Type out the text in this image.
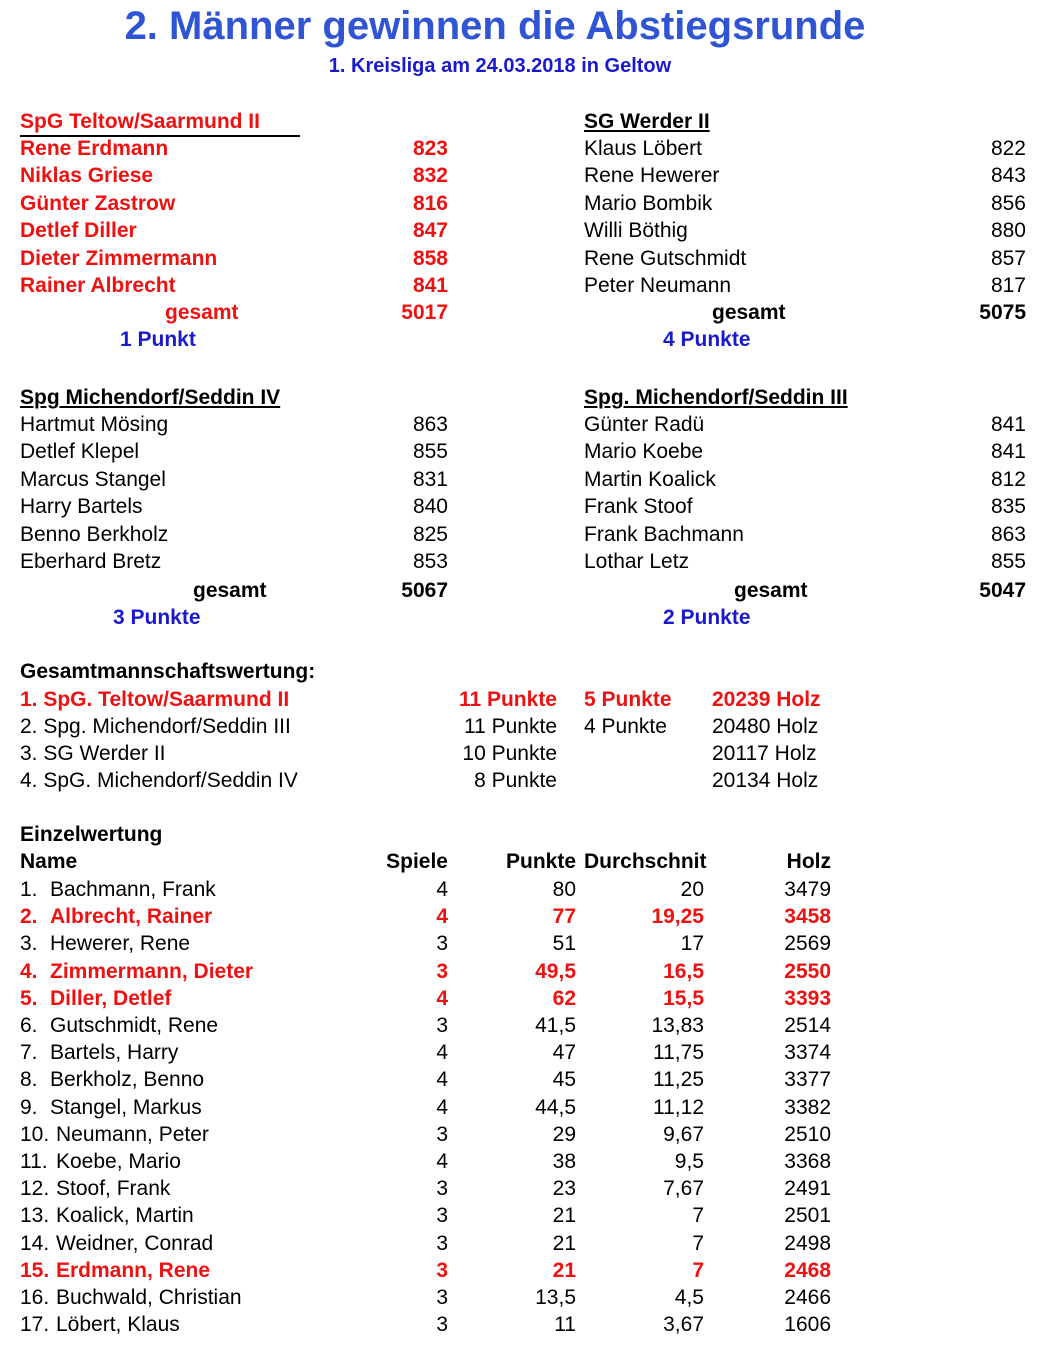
2. Männer gewinnen die Abstiegsrunde
1. Kreisliga am 24.03.2018 in Geltow
SpG Teltow/Saarmund II
Rene Erdmann	823
Niklas Griese	832
Günter Zastrow	816
Detlef Diller	847
Dieter Zimmermann	858
Rainer Albrecht	841
gesamt	5017
1 Punkt
SG Werder II
Klaus Löbert	822
Rene Hewerer	843
Mario Bombik	856
Willi Böthig	880
Rene Gutschmidt	857
Peter Neumann	817
gesamt	5075
4 Punkte
Spg Michendorf/Seddin IV
Hartmut Mösing	863
Detlef Klepel	855
Marcus Stangel	831
Harry Bartels	840
Benno Berkholz	825
Eberhard Bretz	853
gesamt	5067
3 Punkte
Spg. Michendorf/Seddin III
Günter Radü	841
Mario Koebe	841
Martin Koalick	812
Frank Stoof	835
Frank Bachmann	863
Lothar Letz	855
gesamt	5047
2 Punkte
Gesamtmannschaftswertung:
1. SpG. Teltow/Saarmund II	11 Punkte 5 Punkte 20239 Holz
2. Spg. Michendorf/Seddin III	11 Punkte 4 Punkte 20480 Holz
3. SG Werder II	10 Punkte	20117 Holz
4. SpG. Michendorf/Seddin IV	8 Punkte	20134 Holz
Einzelwertung
Name	Spiele	Punkte Durchschnit	Holz
1. Bachmann, Frank	4	80	20	3479
2. Albrecht, Rainer	4	77	19,25	3458
3. Hewerer, Rene	3	51	17	2569
4. Zimmermann, Dieter	3	49,5	16,5	2550
5. Diller, Detlef	4	62	15,5	3393
6. Gutschmidt, Rene	3	41,5	13,83	2514
7. Bartels, Harry	4	47	11,75	3374
8. Berkholz, Benno	4	45	11,25	3377
9. Stangel, Markus	4	44,5	11,12	3382
10. Neumann, Peter	3	29	9,67	2510
11. Koebe, Mario	4	38	9,5	3368
12. Stoof, Frank	3	23	7,67	2491
13. Koalick, Martin	3	21	7	2501
14. Weidner, Conrad	3	21	7	2498
15. Erdmann, Rene	3	21	7	2468
16. Buchwald, Christian	3	13,5	4,5	2466
17. Löbert, Klaus	3	11	3,67	1606
